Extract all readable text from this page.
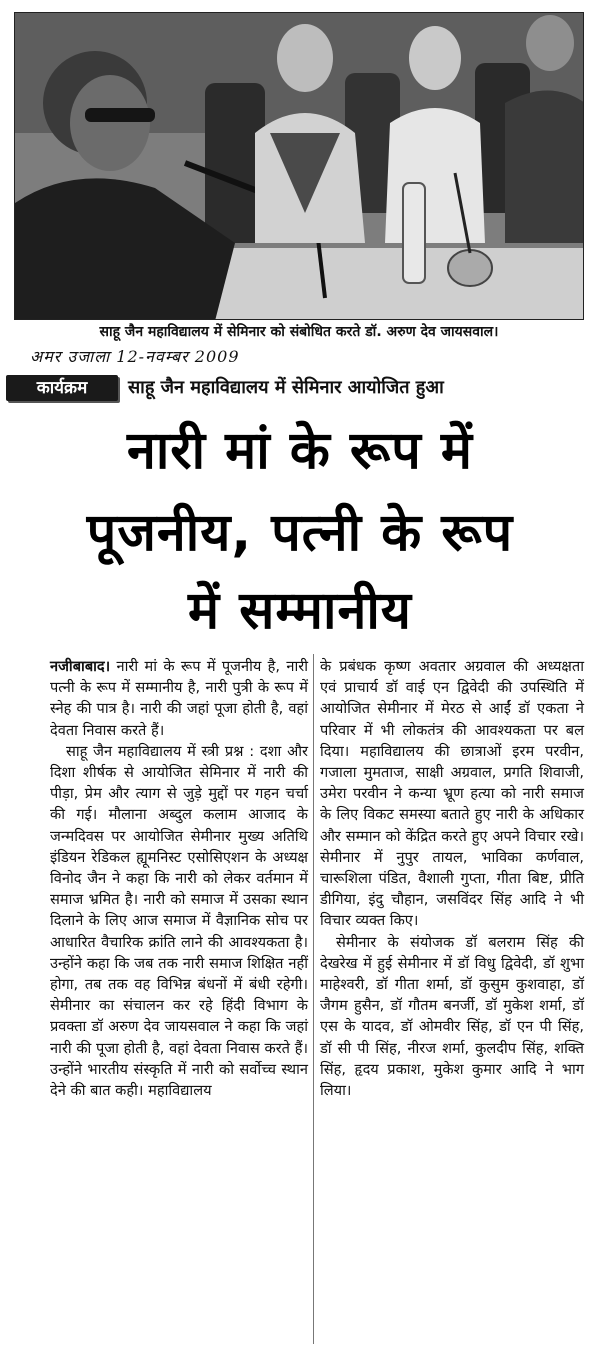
साहू जैन महाविद्यालय में सेमिनार को संबोधित करते डॉ. अरुण देव जायसवाल।
अमर उजाला 12-नवम्बर 2009
कार्यक्रम	साहू जैन महाविद्यालय में सेमिनार आयोजित हुआ
नारी मां के रूप में
पूजनीय, पत्नी के रूप
में सम्मानीय

नजीबाबाद। नारी मां के रूप में पूजनीय है, नारी पत्नी के रूप में सम्मानीय है, नारी पुत्री के रूप में स्नेह की पात्र है। नारी की जहां पूजा होती है, वहां देवता निवास करते हैं।

साहू जैन महाविद्यालय में स्त्री प्रश्न : दशा और दिशा शीर्षक से आयोजित सेमिनार में नारी की पीड़ा, प्रेम और त्याग से जुड़े मुद्दों पर गहन चर्चा की गई। मौलाना अब्दुल कलाम आजाद के जन्मदिवस पर आयोजित सेमीनार मुख्य अतिथि इंडियन रेडिकल ह्यूमनिस्ट एसोसिएशन के अध्यक्ष विनोद जैन ने कहा कि नारी को लेकर वर्तमान में समाज भ्रमित है। नारी को समाज में उसका स्थान दिलाने के लिए आज समाज में वैज्ञानिक सोच पर आधारित वैचारिक क्रांति लाने की आवश्यकता है। उन्होंने कहा कि जब तक नारी समाज शिक्षित नहीं होगा, तब तक वह विभिन्न बंधनों में बंधी रहेगी। सेमीनार का संचालन कर रहे हिंदी विभाग के प्रवक्ता डॉ अरुण देव जायसवाल ने कहा कि जहां नारी की पूजा होती है, वहां देवता निवास करते हैं। उन्होंने भारतीय संस्कृति में नारी को सर्वोच्च स्थान देने की बात कही। महाविद्यालय

के प्रबंधक कृष्ण अवतार अग्रवाल की अध्यक्षता एवं प्राचार्य डॉ वाई एन द्विवेदी की उपस्थिति में आयोजित सेमीनार में मेरठ से आईं डॉ एकता ने परिवार में भी लोकतंत्र की आवश्यकता पर बल दिया। महाविद्यालय की छात्राओं इरम परवीन, गजाला मुमताज, साक्षी अग्रवाल, प्रगति शिवाजी, उमेरा परवीन ने कन्या भ्रूण हत्या को नारी समाज के लिए विकट समस्या बताते हुए नारी के अधिकार और सम्मान को केंद्रित करते हुए अपने विचार रखे। सेमीनार में नुपुर तायल, भाविका कर्णवाल, चारूशिला पंडित, वैशाली गुप्ता, गीता बिष्ट, प्रीति डीगिया, इंदु चौहान, जसविंदर सिंह आदि ने भी विचार व्यक्त किए।

सेमीनार के संयोजक डॉ बलराम सिंह की देखरेख में हुई सेमीनार में डॉ विधु द्विवेदी, डॉ शुभा माहेश्वरी, डॉ गीता शर्मा, डॉ कुसुम कुशवाहा, डॉ जैगम हुसैन, डॉ गौतम बनर्जी, डॉ मुकेश शर्मा, डॉ एस के यादव, डॉ ओमवीर सिंह, डॉ एन पी सिंह, डॉ सी पी सिंह, नीरज शर्मा, कुलदीप सिंह, शक्ति सिंह, हृदय प्रकाश, मुकेश कुमार आदि ने भाग लिया।
